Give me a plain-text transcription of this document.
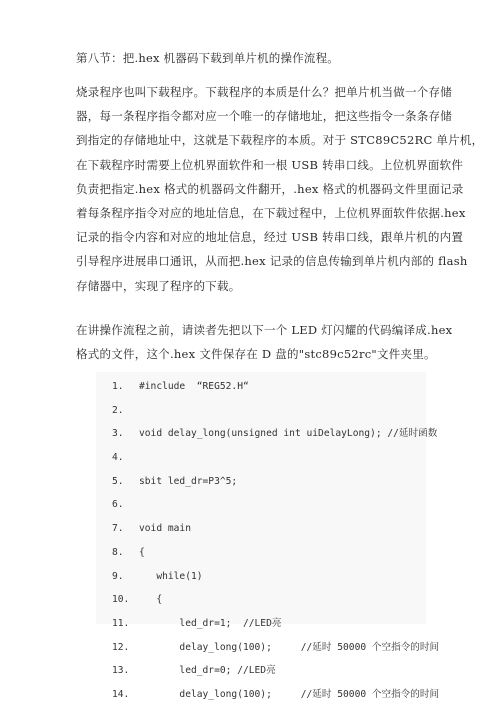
第八节：把.hex 机器码下载到单片机的操作流程。
烧录程序也叫下载程序。下载程序的本质是什么？把单片机当做一个存储
器，每一条程序指令都对应一个唯一的存储地址，把这些指令一条条存储
到指定的存储地址中，这就是下载程序的本质。对于 STC89C52RC 单片机，
在下载程序时需要上位机界面软件和一根 USB 转串口线。上位机界面软件
负责把指定.hex 格式的机器码文件翻开，.hex 格式的机器码文件里面记录
着每条程序指令对应的地址信息，在下载过程中，上位机界面软件依据.hex
记录的指令内容和对应的地址信息，经过 USB 转串口线，跟单片机的内置
引导程序进展串口通讯，从而把.hex 记录的信息传输到单片机内部的 flash
存储器中，实现了程序的下载。
在讲操作流程之前，请读者先把以下一个 LED 灯闪耀的代码编译成.hex
格式的文件，这个.hex 文件保存在 D 盘的"stc89c52rc"文件夹里。
1. #include  “REG52.H“
2.
3. void delay_long(unsigned int uiDelayLong); //延时函数
4.
5. sbit led_dr=P3^5;
6.
7. void main
8. {
9.   while(1)
10.   {
11.       led_dr=1;  //LED亮
12.       delay_long(100);     //延时 50000 个空指令的时间
13.       led_dr=0; //LED亮
14.       delay_long(100);     //延时 50000 个空指令的时间
